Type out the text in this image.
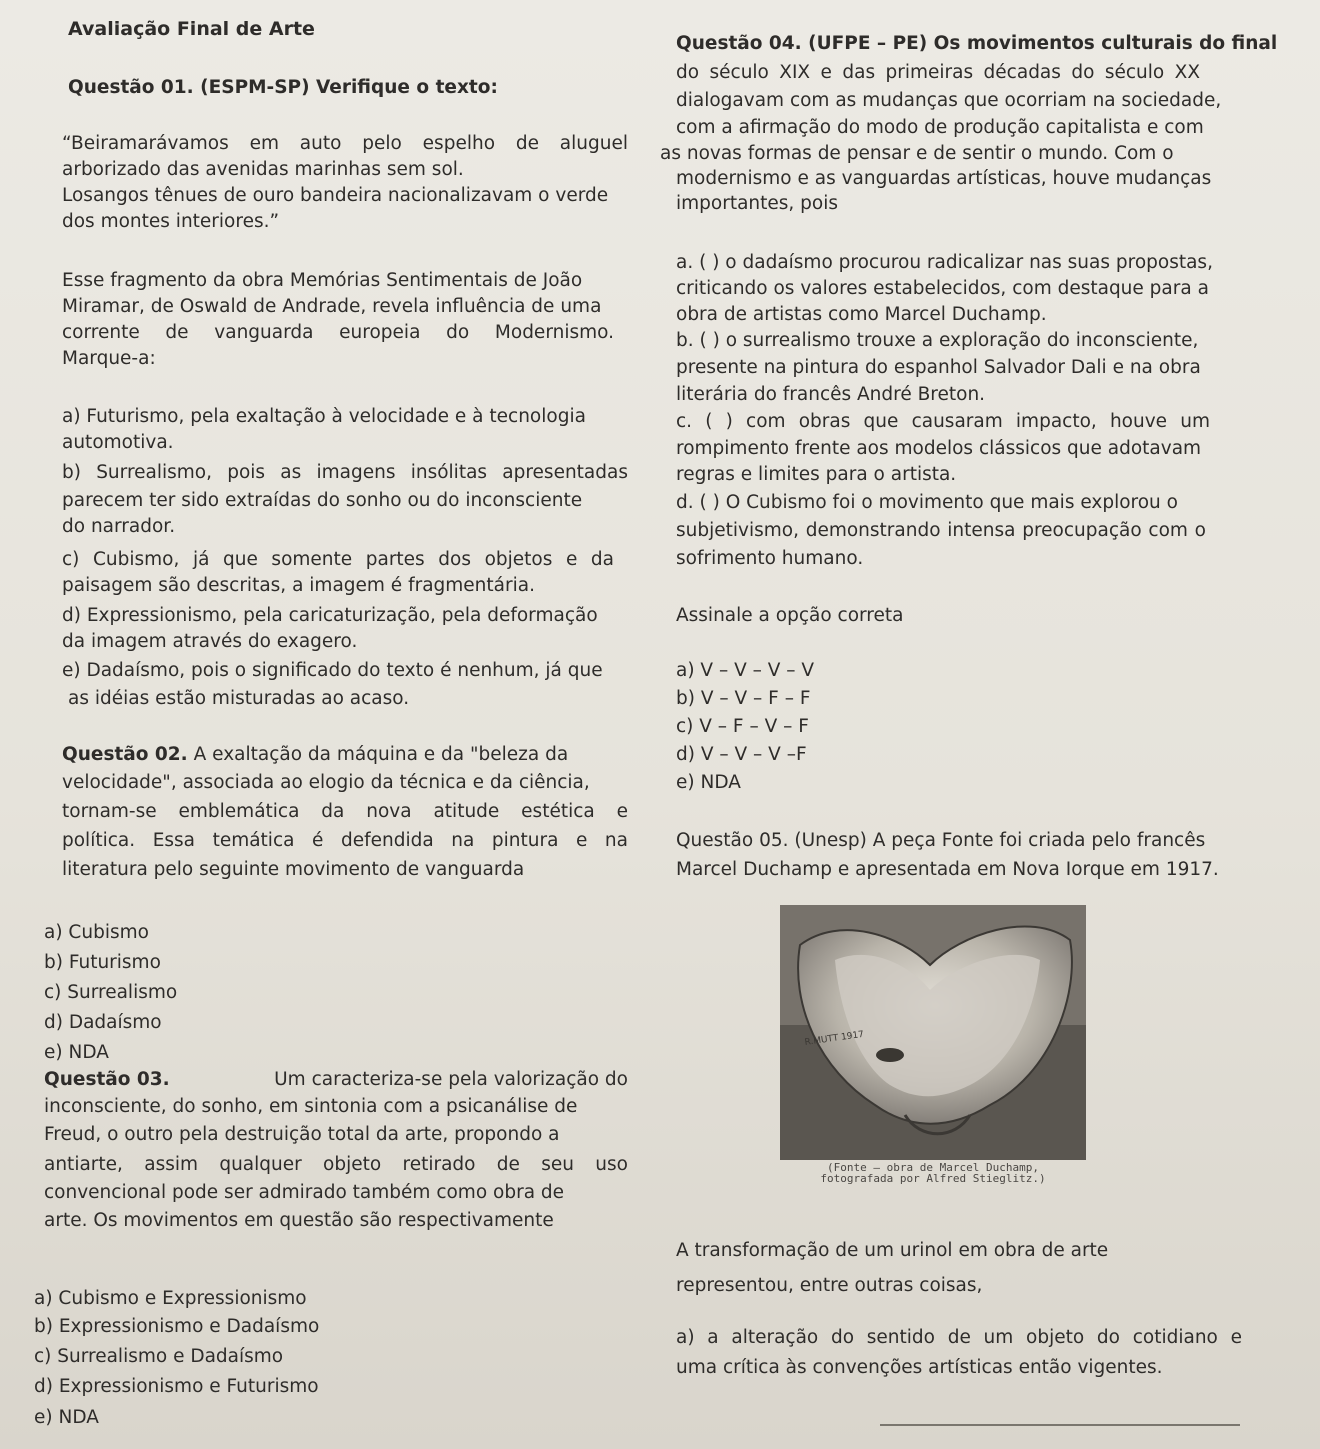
Avaliação Final de Arte
Questão 01. (ESPM-SP) Verifique o texto:
“Beiramarávamos em auto pelo espelho de aluguel
arborizado das avenidas marinhas sem sol.
Losangos tênues de ouro bandeira nacionalizavam o verde
dos montes interiores.”
Esse fragmento da obra Memórias Sentimentais de João
Miramar, de Oswald de Andrade, revela influência de uma
corrente de vanguarda europeia do Modernismo.
Marque-a:
a) Futurismo, pela exaltação à velocidade e à tecnologia
automotiva.
b) Surrealismo, pois as imagens insólitas apresentadas
parecem ter sido extraídas do sonho ou do inconsciente
do narrador.
c) Cubismo, já que somente partes dos objetos e da
paisagem são descritas, a imagem é fragmentária.
d) Expressionismo, pela caricaturização, pela deformação
da imagem através do exagero.
e) Dadaísmo, pois o significado do texto é nenhum, já que
as idéias estão misturadas ao acaso.
Questão 02. A exaltação da máquina e da "beleza da
velocidade", associada ao elogio da técnica e da ciência,
tornam-se emblemática da nova atitude estética e
política. Essa temática é defendida na pintura e na
literatura pelo seguinte movimento de vanguarda
a) Cubismo
b) Futurismo
c) Surrealismo
d) Dadaísmo
e) NDA
Questão 03.	Um caracteriza-se pela valorização do
inconsciente, do sonho, em sintonia com a psicanálise de
Freud, o outro pela destruição total da arte, propondo a
antiarte, assim qualquer objeto retirado de seu uso
convencional pode ser admirado também como obra de
arte. Os movimentos em questão são respectivamente
a) Cubismo e Expressionismo
b) Expressionismo e Dadaísmo
c) Surrealismo e Dadaísmo
d) Expressionismo e Futurismo
e) NDA
Questão 04. (UFPE – PE) Os movimentos culturais do final
do século XIX e das primeiras décadas do século XX
dialogavam com as mudanças que ocorriam na sociedade,
com a afirmação do modo de produção capitalista e com
as novas formas de pensar e de sentir o mundo. Com o
modernismo e as vanguardas artísticas, houve mudanças
importantes, pois
a. ( ) o dadaísmo procurou radicalizar nas suas propostas,
criticando os valores estabelecidos, com destaque para a
obra de artistas como Marcel Duchamp.
b. ( ) o surrealismo trouxe a exploração do inconsciente,
presente na pintura do espanhol Salvador Dali e na obra
literária do francês André Breton.
c. ( ) com obras que causaram impacto, houve um
rompimento frente aos modelos clássicos que adotavam
regras e limites para o artista.
d. ( ) O Cubismo foi o movimento que mais explorou o
subjetivismo, demonstrando intensa preocupação com o
sofrimento humano.
Assinale a opção correta
a) V – V – V – V
b) V – V – F – F
c) V – F – V – F
d) V – V – V –F
e) NDA
Questão 05. (Unesp) A peça Fonte foi criada pelo francês
Marcel Duchamp e apresentada em Nova Iorque em 1917.
R.MUTT 1917
(Fonte – obra de Marcel Duchamp,
fotografada por Alfred Stieglitz.)
A transformação de um urinol em obra de arte
representou, entre outras coisas,
a) a alteração do sentido de um objeto do cotidiano e
uma crítica às convenções artísticas então vigentes.
